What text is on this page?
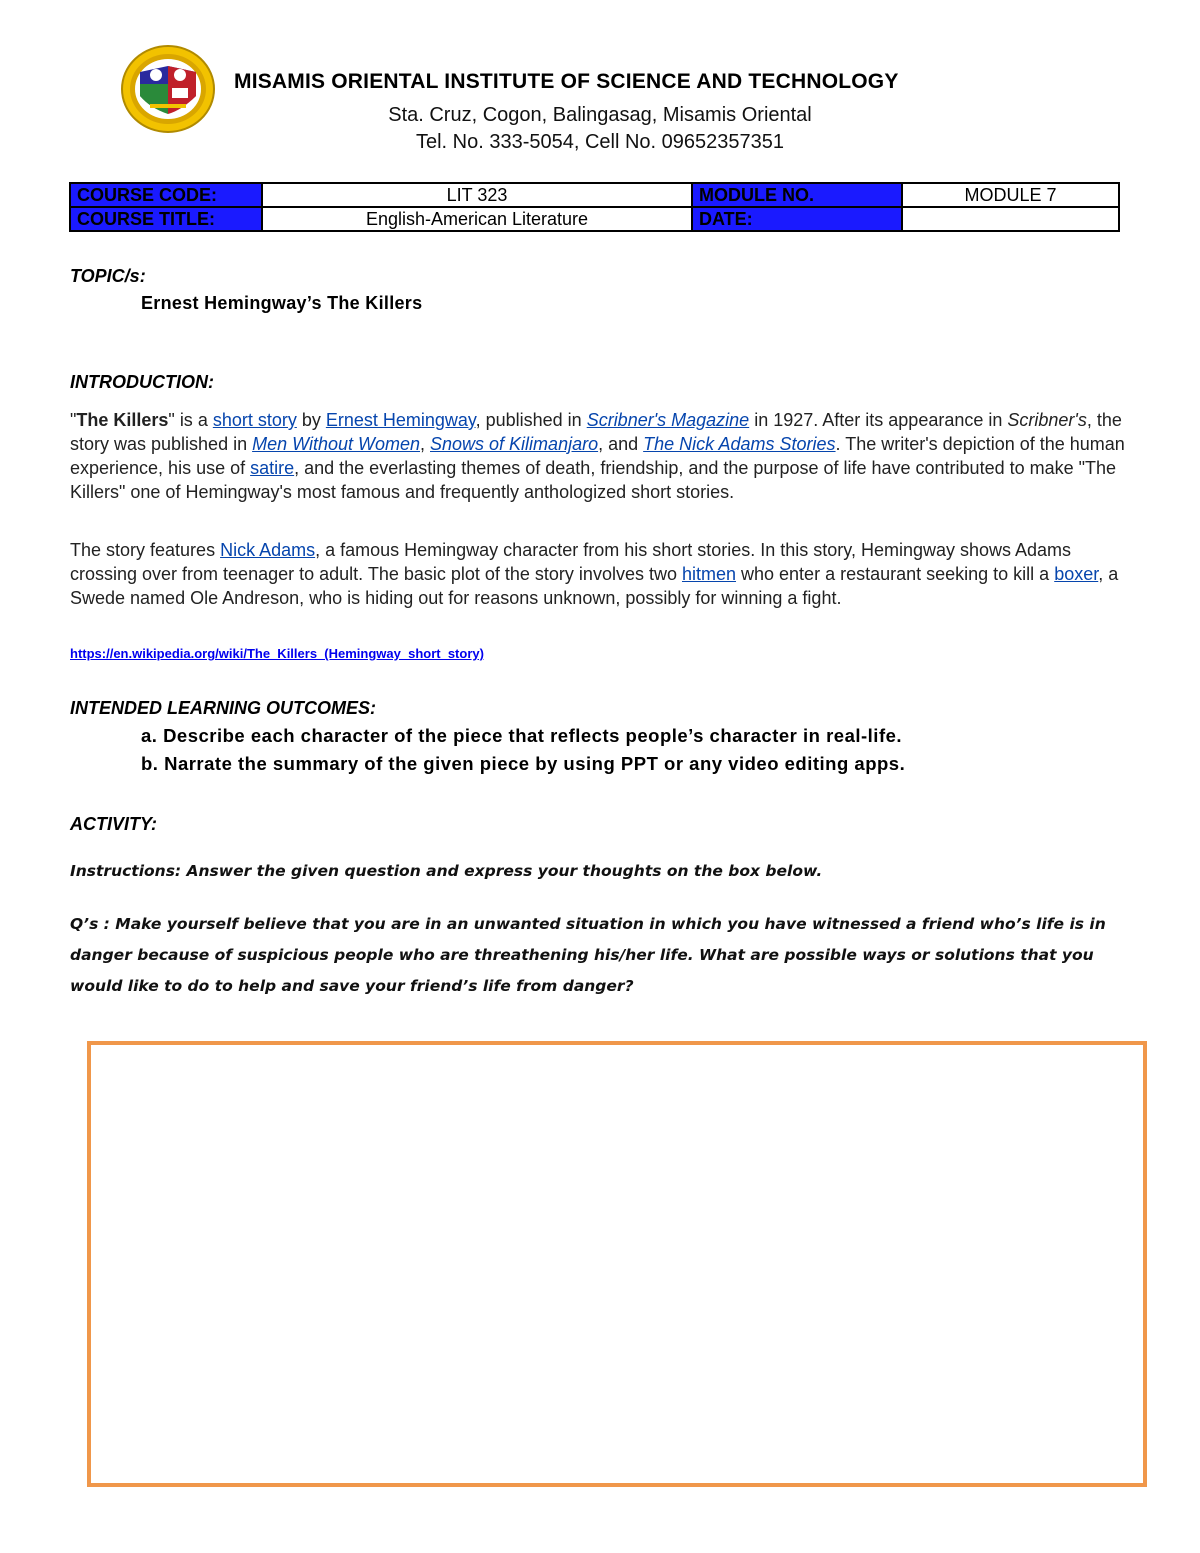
MISAMIS ORIENTAL INSTITUTE OF SCIENCE AND TECHNOLOGY
Sta. Cruz, Cogon, Balingasag, Misamis Oriental
Tel. No. 333-5054, Cell No. 09652357351
COURSE CODE:	LIT 323	MODULE NO.	MODULE 7
COURSE TITLE:	English-American Literature	DATE:	
TOPIC/s:
Ernest Hemingway’s The Killers
INTRODUCTION:

"The Killers" is a short story by Ernest Hemingway, published in Scribner's Magazine in 1927. After its appearance in Scribner's, the story was published in Men Without Women, Snows of Kilimanjaro, and The Nick Adams Stories. The writer's depiction of the human experience, his use of satire, and the everlasting themes of death, friendship, and the purpose of life have contributed to make "The Killers" one of Hemingway's most famous and frequently anthologized short stories.

The story features Nick Adams, a famous Hemingway character from his short stories. In this story, Hemingway shows Adams crossing over from teenager to adult. The basic plot of the story involves two hitmen who enter a restaurant seeking to kill a boxer, a Swede named Ole Andreson, who is hiding out for reasons unknown, possibly for winning a fight.

https://en.wikipedia.org/wiki/The_Killers_(Hemingway_short_story)
INTENDED LEARNING OUTCOMES:
a. Describe each character of the piece that reflects people’s character in real-life.
b. Narrate the summary of the given piece by using PPT or any video editing apps.
ACTIVITY:
Instructions: Answer the given question and express your thoughts on the box below.
Q’s : Make yourself believe that you are in an unwanted situation in which you have witnessed a friend who’s life is in danger because of suspicious people who are threathening his/her life. What are possible ways or solutions that you would like to do to help and save your friend’s life from danger?
